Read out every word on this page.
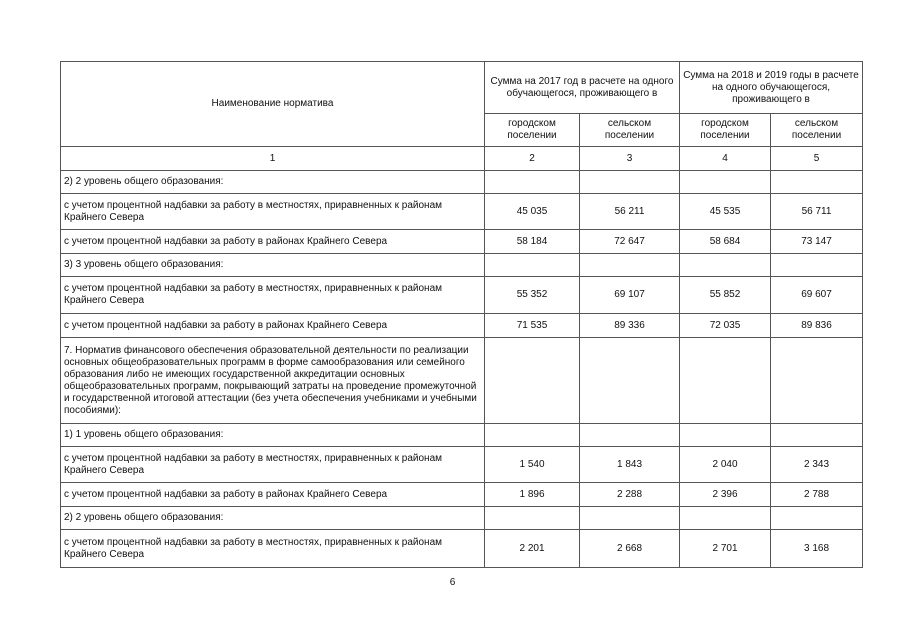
Наименование норматива	Сумма на 2017 год в расчете на одного обучающегося, проживающего в		Сумма на 2018 и 2019 годы в расчете на одного обучающегося, проживающего в	
	городском поселении	сельском поселении	городском поселении	сельском поселении
1	2	3	4	5
2) 2 уровень общего образования:				
с учетом процентной надбавки за работу в местностях, приравненных к районам Крайнего Севера	45 035	56 211	45 535	56 711
с учетом процентной надбавки за работу в районах Крайнего Севера	58 184	72 647	58 684	73 147
3) 3 уровень общего образования:				
с учетом процентной надбавки за работу в местностях, приравненных к районам Крайнего Севера	55 352	69 107	55 852	69 607
с учетом процентной надбавки за работу в районах Крайнего Севера	71 535	89 336	72 035	89 836
7. Норматив финансового обеспечения образовательной деятельности по реализации основных общеобразовательных программ в форме самообразования или семейного образования либо не имеющих государственной аккредитации основных общеобразовательных программ, покрывающий затраты на проведение промежуточной и государственной итоговой аттестации (без учета обеспечения учебниками и учебными пособиями):				
1) 1 уровень общего образования:				
с учетом процентной надбавки за работу в местностях, приравненных к районам Крайнего Севера	1 540	1 843	2 040	2 343
с учетом процентной надбавки за работу в районах Крайнего Севера	1 896	2 288	2 396	2 788
2) 2 уровень общего образования:				
с учетом процентной надбавки за работу в местностях, приравненных к районам Крайнего Севера	2 201	2 668	2 701	3 168
6
